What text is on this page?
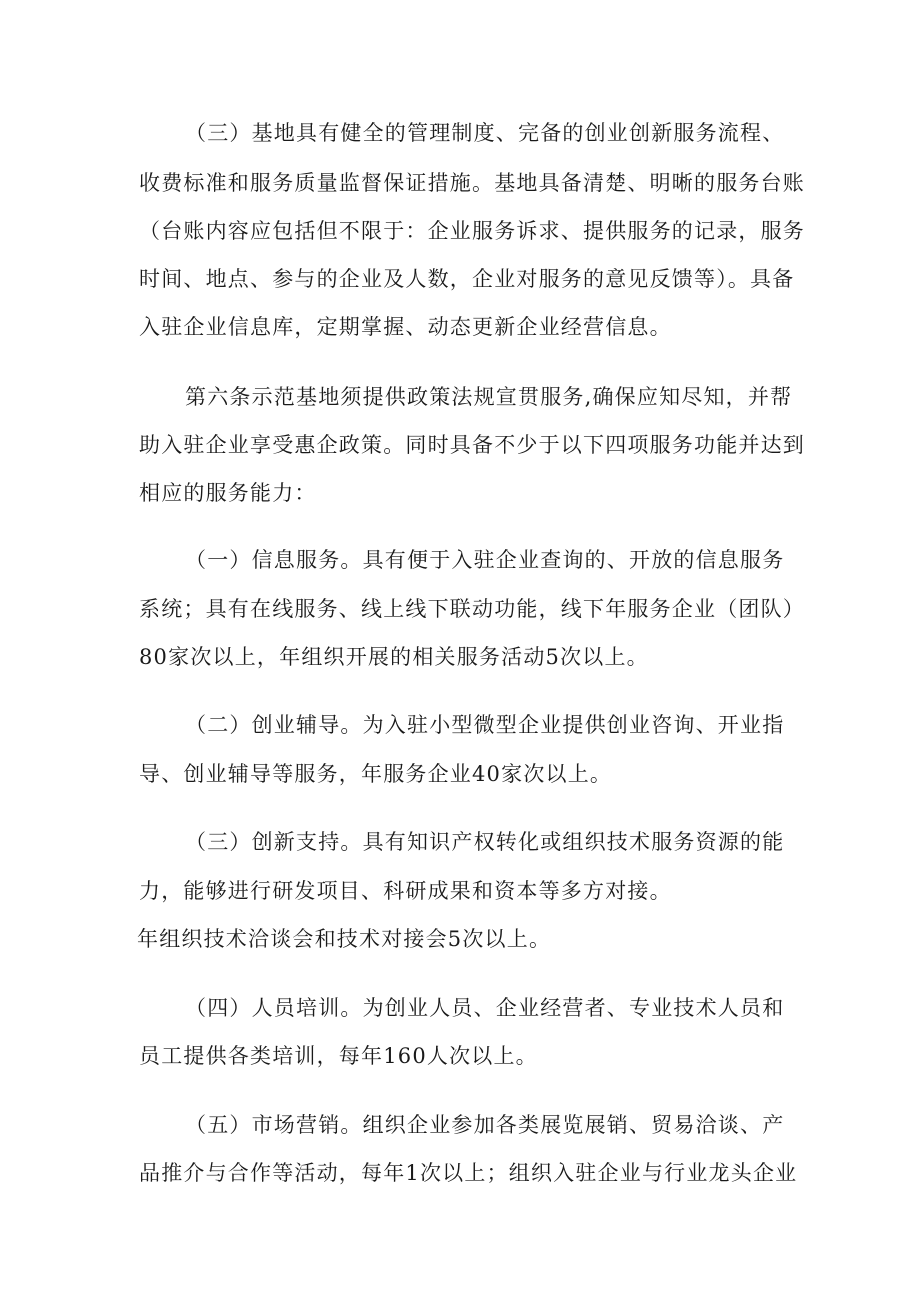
（三）基地具有健全的管理制度、完备的创业创新服务流程、
收费标准和服务质量监督保证措施。基地具备清楚、明晰的服务台账
（台账内容应包括但不限于：企业服务诉求、提供服务的记录，服务
时间、地点、参与的企业及人数，企业对服务的意见反馈等）。具备
入驻企业信息库，定期掌握、动态更新企业经营信息。
第六条示范基地须提供政策法规宣贯服务,确保应知尽知，并帮
助入驻企业享受惠企政策。同时具备不少于以下四项服务功能并达到
相应的服务能力：
（一）信息服务。具有便于入驻企业查询的、开放的信息服务
系统；具有在线服务、线上线下联动功能，线下年服务企业（团队）
80家次以上，年组织开展的相关服务活动5次以上。
（二）创业辅导。为入驻小型微型企业提供创业咨询、开业指
导、创业辅导等服务，年服务企业40家次以上。
（三）创新支持。具有知识产权转化或组织技术服务资源的能
力，能够进行研发项目、科研成果和资本等多方对接。
年组织技术洽谈会和技术对接会5次以上。
（四）人员培训。为创业人员、企业经营者、专业技术人员和
员工提供各类培训，每年160人次以上。
（五）市场营销。组织企业参加各类展览展销、贸易洽谈、产
品推介与合作等活动，每年1次以上；组织入驻企业与行业龙头企业
